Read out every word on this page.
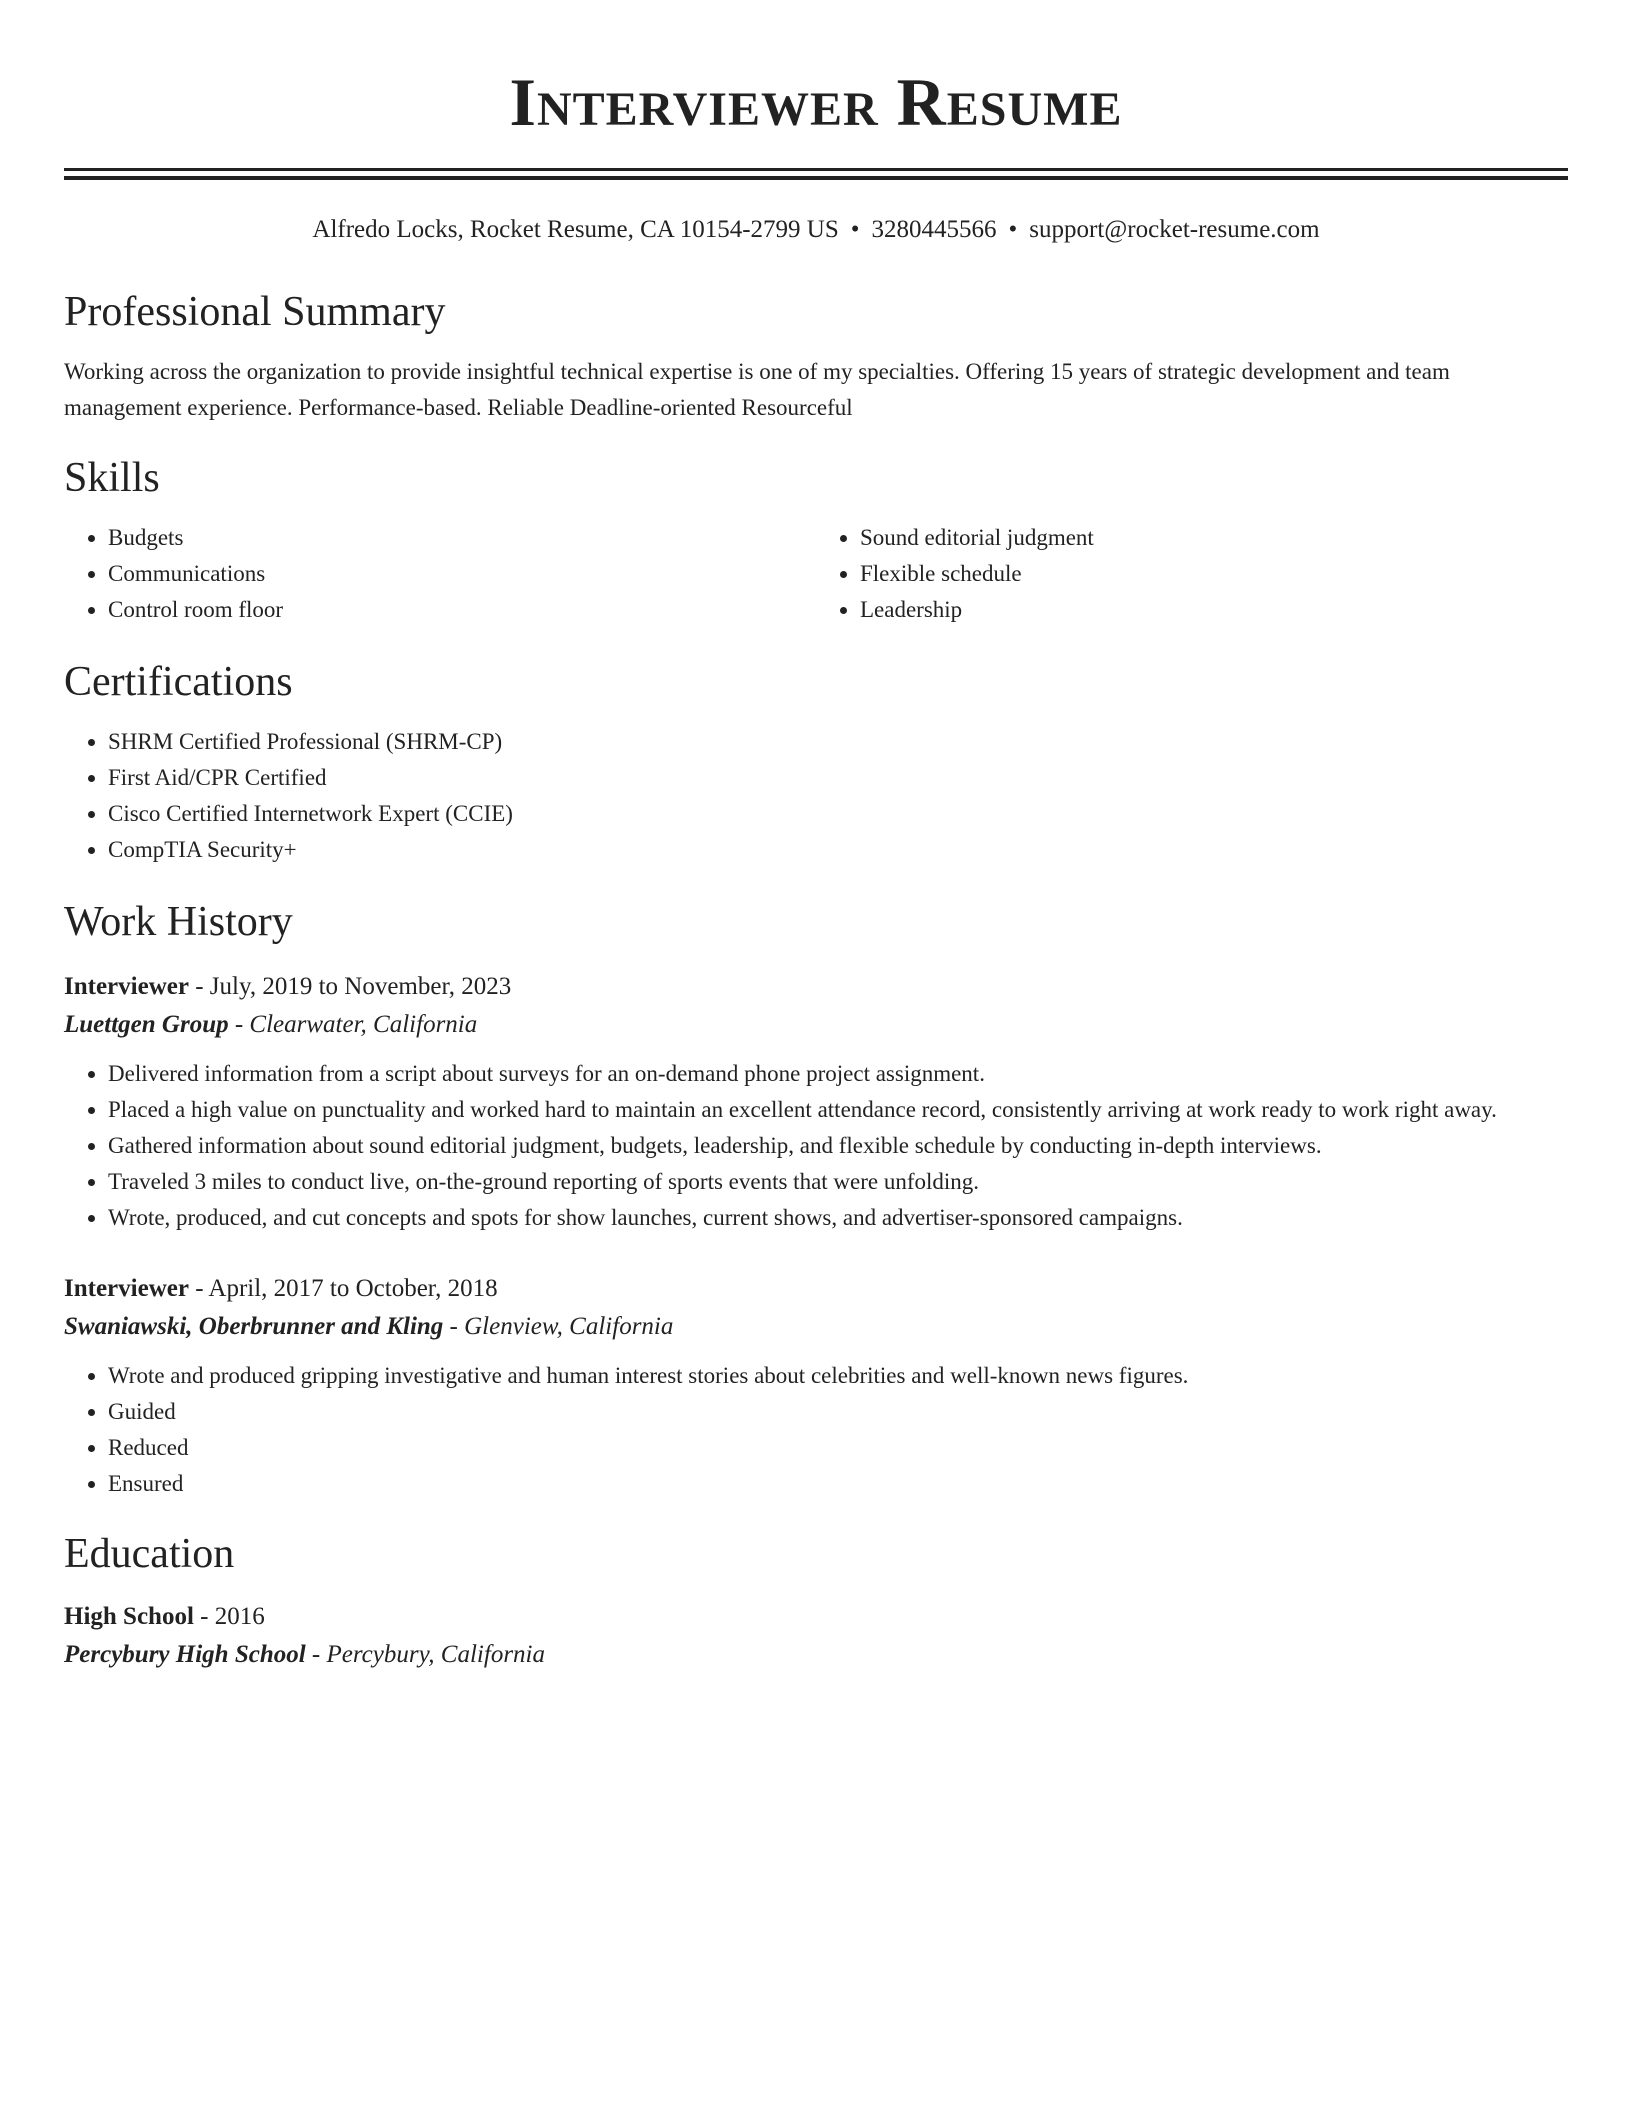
Interviewer Resume
Alfredo Locks, Rocket Resume, CA 10154-2799 US • 3280445566 • support@rocket-resume.com
Professional Summary
Working across the organization to provide insightful technical expertise is one of my specialties. Offering 15 years of strategic development and team management experience. Performance-based. Reliable Deadline-oriented Resourceful
Skills
• Budgets
• Communications
• Control room floor
• Sound editorial judgment
• Flexible schedule
• Leadership
Certifications
• SHRM Certified Professional (SHRM-CP)
• First Aid/CPR Certified
• Cisco Certified Internetwork Expert (CCIE)
• CompTIA Security+
Work History
Interviewer - July, 2019 to November, 2023
Luettgen Group - Clearwater, California
• Delivered information from a script about surveys for an on-demand phone project assignment.
• Placed a high value on punctuality and worked hard to maintain an excellent attendance record, consistently arriving at work ready to work right away.
• Gathered information about sound editorial judgment, budgets, leadership, and flexible schedule by conducting in-depth interviews.
• Traveled 3 miles to conduct live, on-the-ground reporting of sports events that were unfolding.
• Wrote, produced, and cut concepts and spots for show launches, current shows, and advertiser-sponsored campaigns.
Interviewer - April, 2017 to October, 2018
Swaniawski, Oberbrunner and Kling - Glenview, California
• Wrote and produced gripping investigative and human interest stories about celebrities and well-known news figures.
• Guided
• Reduced
• Ensured
Education
High School - 2016
Percybury High School - Percybury, California
